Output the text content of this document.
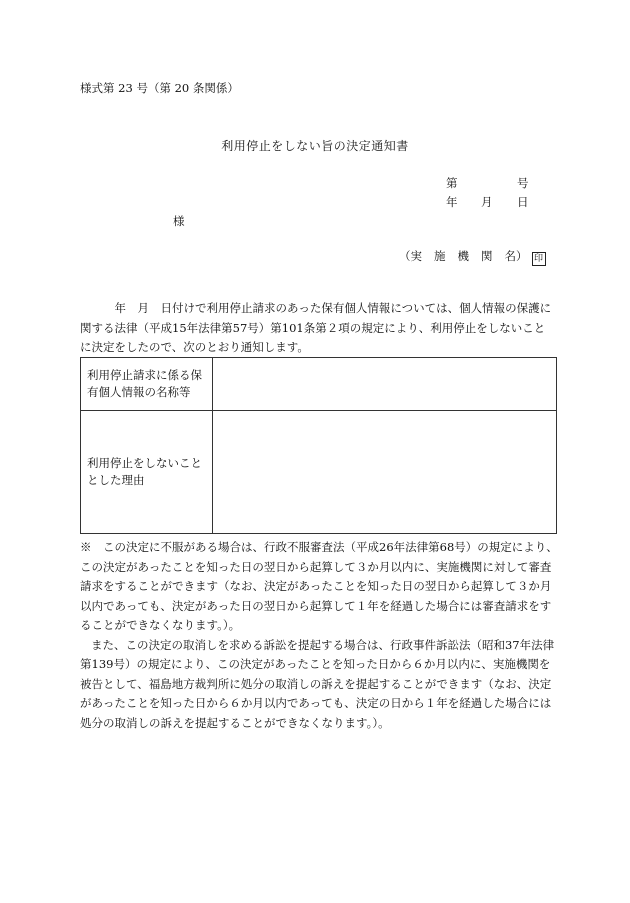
様式第 23 号（第 20 条関係）
利用停止をしない旨の決定通知書
第	号
年 月 日
様
（実 施 機 関 名） 印
　　　年　月　日付けで利用停止請求のあった保有個人情報については、個人情報の保護に関する法律（平成15年法律第57号）第101条第２項の規定により、利用停止をしないことに決定をしたので、次のとおり通知します。
利用停止請求に係る保有個人情報の名称等	
利用停止をしないこととした理由	

※　この決定に不服がある場合は、行政不服審査法（平成26年法律第68号）の規定により、この決定があったことを知った日の翌日から起算して３か月以内に、実施機関に対して審査請求をすることができます（なお、決定があったことを知った日の翌日から起算して３か月以内であっても、決定があった日の翌日から起算して１年を経過した場合には審査請求をすることができなくなります。）。

また、この決定の取消しを求める訴訟を提起する場合は、行政事件訴訟法（昭和37年法律第139号）の規定により、この決定があったことを知った日から６か月以内に、実施機関を被告として、福島地方裁判所に処分の取消しの訴えを提起することができます（なお、決定があったことを知った日から６か月以内であっても、決定の日から１年を経過した場合には処分の取消しの訴えを提起することができなくなります。）。
